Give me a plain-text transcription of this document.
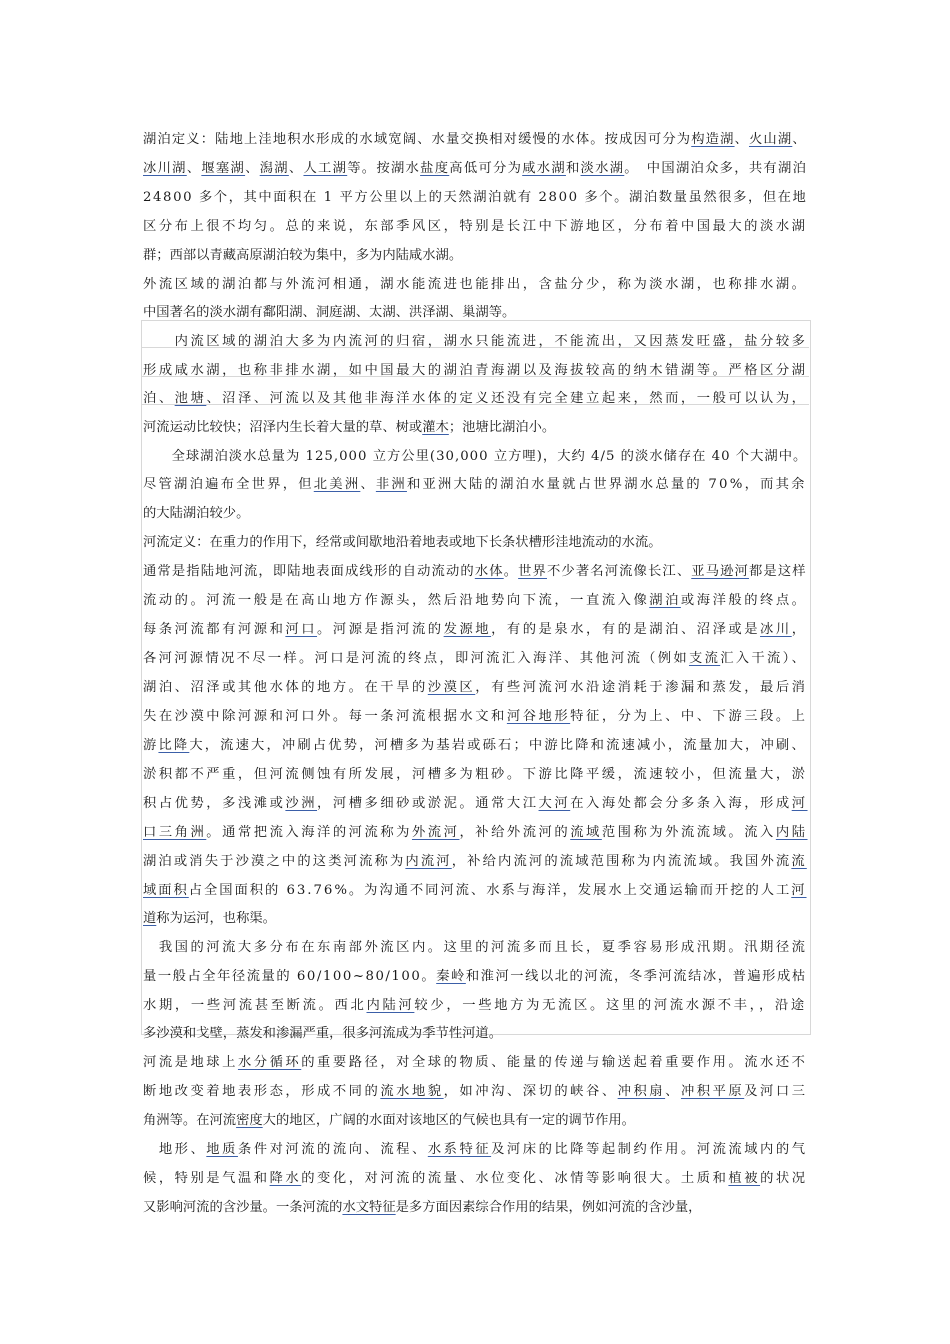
湖泊定义：陆地上洼地积水形成的水域宽阔、水量交换相对缓慢的水体。按成因可分为构造湖、火山湖、
冰川湖、堰塞湖、潟湖、人工湖等。按湖水盐度高低可分为咸水湖和淡水湖。　中国湖泊众多，共有湖泊
24800 多个，其中面积在 1 平方公里以上的天然湖泊就有 2800 多个。湖泊数量虽然很多，但在地
区分布上很不均匀。总的来说，东部季风区，特别是长江中下游地区，分布着中国最大的淡水湖
群；西部以青藏高原湖泊较为集中，多为内陆咸水湖。
外流区域的湖泊都与外流河相通，湖水能流进也能排出，含盐分少，称为淡水湖，也称排水湖。
中国著名的淡水湖有鄱阳湖、洞庭湖、太湖、洪泽湖、巢湖等。
　　内流区域的湖泊大多为内流河的归宿，湖水只能流进，不能流出，又因蒸发旺盛，盐分较多
形成咸水湖，也称非排水湖，如中国最大的湖泊青海湖以及海拔较高的纳木错湖等。严格区分湖
泊、池塘、沼泽、河流以及其他非海洋水体的定义还没有完全建立起来，然而，一般可以认为，
河流运动比较快；沼泽内生长着大量的草、树或灌木；池塘比湖泊小。
　　全球湖泊淡水总量为 125,000 立方公里(30,000 立方哩)，大约 4/5 的淡水储存在 40 个大湖中。
尽管湖泊遍布全世界，但北美洲、非洲和亚洲大陆的湖泊水量就占世界湖水总量的 70%，而其余
的大陆湖泊较少。
河流定义：在重力的作用下，经常或间歇地沿着地表或地下长条状槽形洼地流动的水流。
通常是指陆地河流，即陆地表面成线形的自动流动的水体。世界不少著名河流像长江、亚马逊河都是这样
流动的。河流一般是在高山地方作源头，然后沿地势向下流，一直流入像湖泊或海洋般的终点。
每条河流都有河源和河口。河源是指河流的发源地，有的是泉水，有的是湖泊、沼泽或是冰川，
各河河源情况不尽一样。河口是河流的终点，即河流汇入海洋、其他河流（例如支流汇入干流）、
湖泊、沼泽或其他水体的地方。在干旱的沙漠区，有些河流河水沿途消耗于渗漏和蒸发，最后消
失在沙漠中除河源和河口外。每一条河流根据水文和河谷地形特征，分为上、中、下游三段。上
游比降大，流速大，冲刷占优势，河槽多为基岩或砾石；中游比降和流速减小，流量加大，冲刷、
淤积都不严重，但河流侧蚀有所发展，河槽多为粗砂。下游比降平缓，流速较小，但流量大，淤
积占优势，多浅滩或沙洲，河槽多细砂或淤泥。通常大江大河在入海处都会分多条入海，形成河
口三角洲。通常把流入海洋的河流称为外流河，补给外流河的流域范围称为外流流域。流入内陆
湖泊或消失于沙漠之中的这类河流称为内流河，补给内流河的流域范围称为内流流域。我国外流流
域面积占全国面积的 63.76%。为沟通不同河流、水系与海洋，发展水上交通运输而开挖的人工河
道称为运河，也称渠。
　我国的河流大多分布在东南部外流区内。这里的河流多而且长，夏季容易形成汛期。汛期径流
量一般占全年径流量的 60/100~80/100。秦岭和淮河一线以北的河流，冬季河流结冰，普遍形成枯
水期，一些河流甚至断流。西北内陆河较少，一些地方为无流区。这里的河流水源不丰，，沿途
多沙漠和戈壁，蒸发和渗漏严重，很多河流成为季节性河道。
河流是地球上水分循环的重要路径，对全球的物质、能量的传递与输送起着重要作用。流水还不
断地改变着地表形态，形成不同的流水地貌，如冲沟、深切的峡谷、冲积扇、冲积平原及河口三
角洲等。在河流密度大的地区，广阔的水面对该地区的气候也具有一定的调节作用。
　地形、地质条件对河流的流向、流程、水系特征及河床的比降等起制约作用。河流流域内的气
候，特别是气温和降水的变化，对河流的流量、水位变化、冰情等影响很大。土质和植被的状况
又影响河流的含沙量。一条河流的水文特征是多方面因素综合作用的结果，例如河流的含沙量，
